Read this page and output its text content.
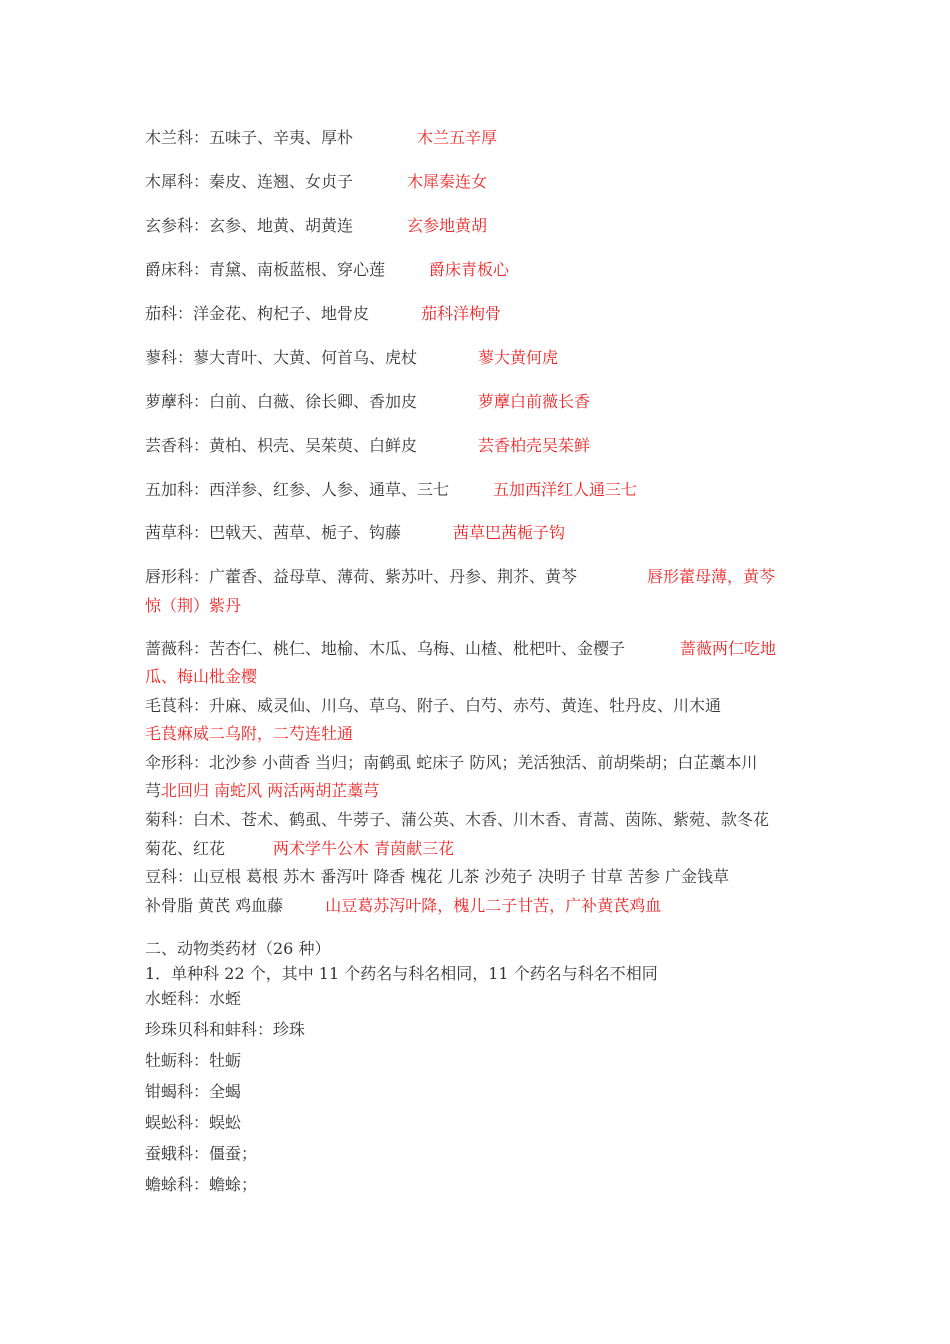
木兰科：五味子、辛夷、厚朴	木兰五辛厚
木犀科：秦皮、连翘、女贞子	木犀秦连女
玄参科：玄参、地黄、胡黄连	玄参地黄胡
爵床科：青黛、南板蓝根、穿心莲	爵床青板心
茄科：洋金花、枸杞子、地骨皮	茄科洋枸骨
蓼科：蓼大青叶、大黄、何首乌、虎杖	蓼大黄何虎
萝藦科：白前、白薇、徐长卿、香加皮	萝藦白前薇长香
芸香科：黄柏、枳壳、吴茱萸、白鲜皮	芸香柏壳吴茱鲜
五加科：西洋参、红参、人参、通草、三七	五加西洋红人通三七
茜草科：巴戟天、茜草、栀子、钩藤	茜草巴茜栀子钩
唇形科：广藿香、益母草、薄荷、紫苏叶、丹参、荆芥、黄芩	唇形藿母薄，黄芩
惊（荆）紫丹
蔷薇科：苦杏仁、桃仁、地榆、木瓜、乌梅、山楂、枇杷叶、金樱子	蔷薇两仁吃地
瓜、梅山枇金樱
毛茛科：升麻、威灵仙、川乌、草乌、附子、白芍、赤芍、黄连、牡丹皮、川木通
毛茛痳威二乌附，二芍连牡通
伞形科：北沙参 小茴香 当归；南鹤虱 蛇床子 防风；羌活独活、前胡柴胡；白芷藁本川
芎北回归 南蛇风 两活两胡芷藁芎
菊科：白术、苍术、鹤虱、牛蒡子、蒲公英、木香、川木香、青蒿、茵陈、紫菀、款冬花
菊花、红花	两术学牛公木 青茵献三花
豆科：山豆根 葛根 苏木 番泻叶 降香 槐花 儿茶 沙苑子 决明子 甘草 苦参 广金钱草
补骨脂 黄芪 鸡血藤	山豆葛苏泻叶降，槐儿二子甘苦，广补黄芪鸡血
二、动物类药材（26 种）
1．单种科 22 个，其中 11 个药名与科名相同，11 个药名与科名不相同
水蛭科：水蛭
珍珠贝科和蚌科：珍珠
牡蛎科：牡蛎
钳蝎科：全蝎
蜈蚣科：蜈蚣
蚕蛾科：僵蚕；
蟾蜍科：蟾蜍；
